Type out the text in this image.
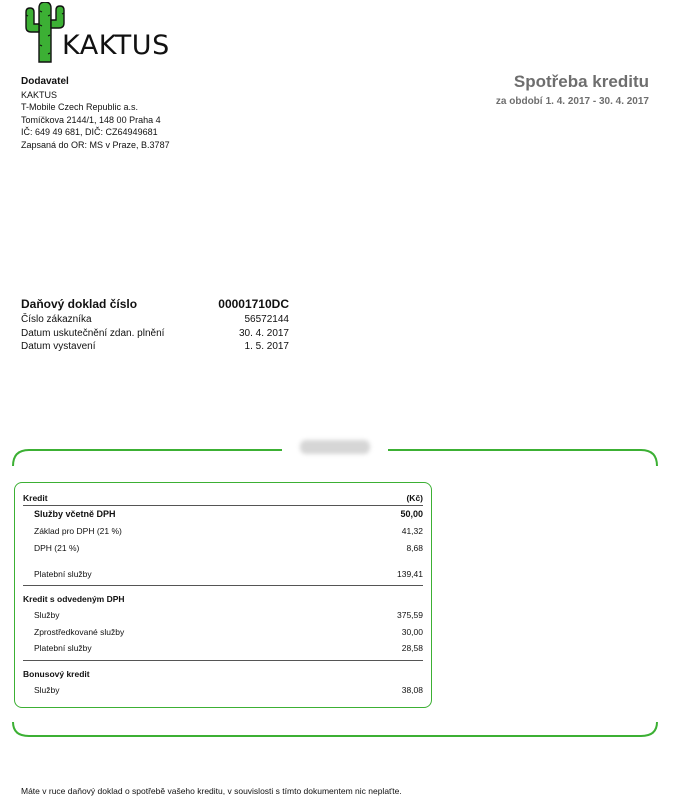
KAKTUS
Dodavatel
KAKTUS
T-Mobile Czech Republic a.s.
Tomíčkova 2144/1, 148 00 Praha 4
IČ: 649 49 681, DIČ: CZ64949681
Zapsaná do OR: MS v Praze, B.3787
Spotřeba kreditu
za období 1. 4. 2017 - 30. 4. 2017
Daňový doklad číslo	00001710DC
Číslo zákazníka	56572144
Datum uskutečnění zdan. plnění	30. 4. 2017
Datum vystavení	1. 5. 2017
Kredit	(Kč)
Služby včetně DPH	50,00
Základ pro DPH (21 %)	41,32
DPH (21 %)	8,68
Platební služby	139,41
Kredit s odvedeným DPH
Služby	375,59
Zprostředkované služby	30,00
Platební služby	28,58
Bonusový kredit
Služby	38,08
Máte v ruce daňový doklad o spotřebě vašeho kreditu, v souvislosti s tímto dokumentem nic neplaťte.
